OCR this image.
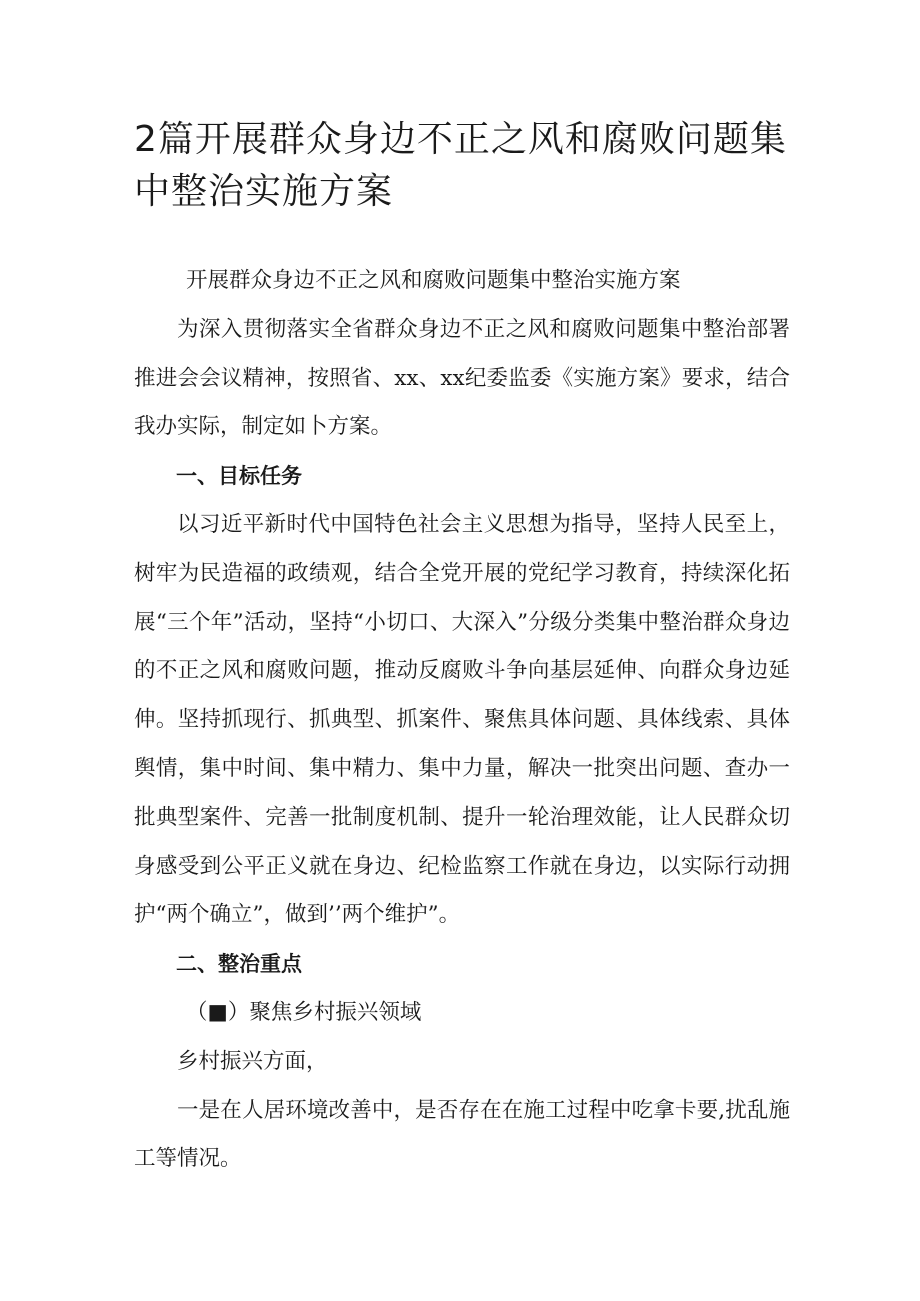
2篇开展群众身边不正之风和腐败问题集中整治实施方案

开展群众身边不正之风和腐败问题集中整治实施方案

为深入贯彻落实全省群众身边不正之风和腐败问题集中整治部署推进会会议精神，按照省、xx、xx纪委监委《实施方案》要求，结合我办实际，制定如卜方案。

一、目标任务

以习近平新时代中国特色社会主义思想为指导，坚持人民至上，树牢为民造福的政绩观，结合全党开展的党纪学习教育，持续深化拓展“三个年”活动，坚持“小切口、大深入”分级分类集中整治群众身边的不正之风和腐败问题，推动反腐败斗争向基层延伸、向群众身边延伸。坚持抓现行、抓典型、抓案件、聚焦具体问题、具体线索、具体舆情，集中时间、集中精力、集中力量，解决一批突出问题、查办一批典型案件、完善一批制度机制、提升一轮治理效能，让人民群众切身感受到公平正义就在身边、纪检监察工作就在身边，以实际行动拥护“两个确立”，做到’’两个维护”。

二、整治重点

（■）聚焦乡村振兴领域

乡村振兴方面，

一是在人居环境改善中，是否存在在施工过程中吃拿卡要,扰乱施工等情况。
